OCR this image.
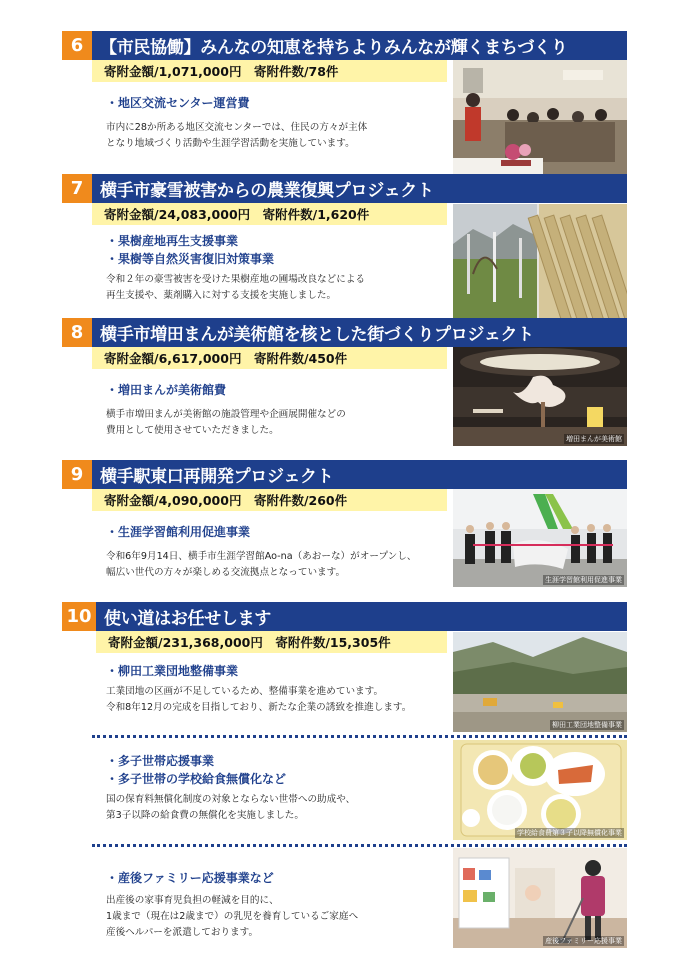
6 【市民協働】みんなの知恵を持ちよりみんなが輝くまちづくり
寄附金額/1,071,000円　寄附件数/78件
・地区交流センター運営費
市内に28か所ある地区交流センターでは、住民の方々が主体
となり地域づくり活動や生涯学習活動を実施しています。
7 横手市豪雪被害からの農業復興プロジェクト
寄附金額/24,083,000円　寄附件数/1,620件
・果樹産地再生支援事業
・果樹等自然災害復旧対策事業
令和２年の豪雪被害を受けた果樹産地の圃場改良などによる
再生支援や、薬剤購入に対する支援を実施しました。
8 横手市増田まんが美術館を核とした街づくりプロジェクト
寄附金額/6,617,000円　寄附件数/450件
・増田まんが美術館費
横手市増田まんが美術館の施設管理や企画展開催などの
費用として使用させていただきました。
増田まんが美術館
9 横手駅東口再開発プロジェクト
寄附金額/4,090,000円　寄附件数/260件
・生涯学習館利用促進事業
令和6年9月14日、横手市生涯学習館Ao-na（あおーな）がオープンし、
幅広い世代の方々が楽しめる交流拠点となっています。
生涯学習館利用促進事業
10 使い道はお任せします
寄附金額/231,368,000円　寄附件数/15,305件
・柳田工業団地整備事業
工業団地の区画が不足しているため、整備事業を進めています。
令和8年12月の完成を目指しており、新たな企業の誘致を推進します。
柳田工業団地整備事業
・多子世帯応援事業
・多子世帯の学校給食無償化など
国の保育料無償化制度の対象とならない世帯への助成や、
第3子以降の給食費の無償化を実施しました。
学校給食費第３子以降無償化事業
・産後ファミリー応援事業など
出産後の家事育児負担の軽減を目的に、
1歳まで（現在は2歳まで）の乳児を養育しているご家庭へ
産後ヘルパーを派遣しております。
産後ファミリー応援事業
